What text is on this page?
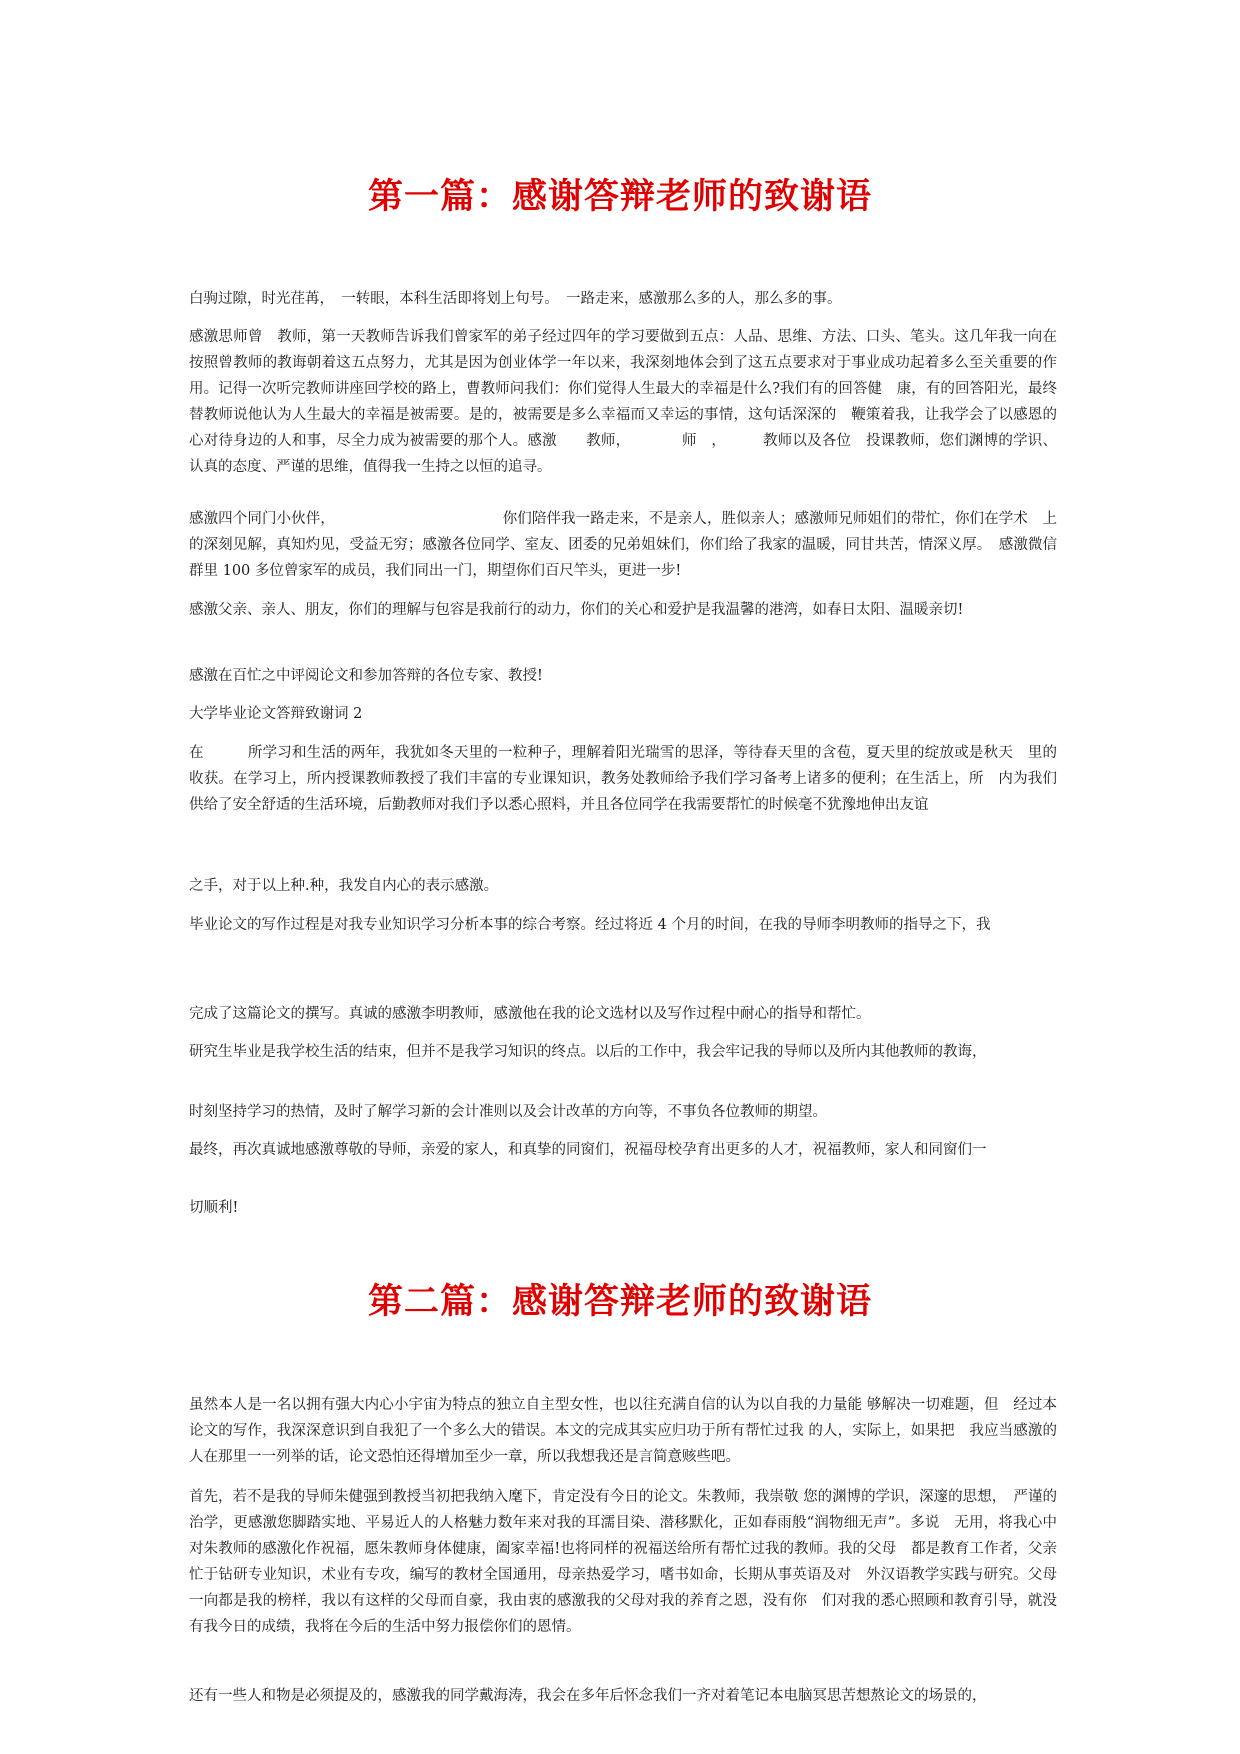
第一篇：感谢答辩老师的致谢语

白驹过隙，时光荏苒，　一转眼，本科生活即将划上句号。　一路走来，感激那么多的人，那么多的事。

感激思师曾　教师，第一天教师告诉我们曾家军的弟子经过四年的学习要做到五点：人品、思维、方法、口头、笔头。这几年我一向在按照曾教师的教诲朝着这五点努力，尤其是因为创业体学一年以来，我深刻地体会到了这五点要求对于事业成功起着多么至关重要的作用。记得一次听完教师讲座回学校的路上，曹教师问我们：你们觉得人生最大的幸福是什么?我们有的回答健　康，有的回答阳光，最终替教师说他认为人生最大的幸福是被需要。是的，被需要是多么幸福而又幸运的事情，这句话深深的　鞭策着我，让我学会了以感恩的心对待身边的人和事，尽全力成为被需要的那个人。感激　　教师，　　　　师　，　　　教师以及各位　投课教师，您们渊博的学识、认真的态度、严谨的思维，值得我一生持之以恒的追寻。

感激四个同门小伙伴，　　　　　　　　　　　　你们陪伴我一路走来，不是亲人，胜似亲人；感激师兄师姐们的带忙，你们在学术　上的深刻见解，真知灼见，受益无穷；感激各位同学、室友、团委的兄弟姐妹们，你们给了我家的温暖，同甘共苦，情深义厚。　感激微信群里 100 多位曾家军的成员，我们同出一门，期望你们百尺竿头，更进一步!

感激父亲、亲人、朋友，你们的理解与包容是我前行的动力，你们的关心和爱护是我温馨的港湾，如春日太阳、温暖亲切!

感激在百忙之中评阅论文和参加答辩的各位专家、教授!

大学毕业论文答辩致谢词 2

在　　　所学习和生活的两年，我犹如冬天里的一粒种子，理解着阳光瑞雪的思泽，等待春天里的含苞，夏天里的绽放或是秋天　里的收获。在学习上，所内授课教师教授了我们丰富的专业课知识，教务处教师给予我们学习备考上诸多的便利；在生活上，所　内为我们供给了安全舒适的生活环境，后勤教师对我们予以悉心照料，并且各位同学在我需要帮忙的时候毫不犹豫地伸出友谊

之手，对于以上种.种，我发自内心的表示感激。

毕业论文的写作过程是对我专业知识学习分析本事的综合考察。经过将近 4 个月的时间，在我的导师李明教师的指导之下，我

完成了这篇论文的撰写。真诚的感激李明教师，感激他在我的论文选材以及写作过程中耐心的指导和帮忙。

研究生毕业是我学校生活的结束，但并不是我学习知识的终点。以后的工作中，我会牢记我的导师以及所内其他教师的教诲，

时刻坚持学习的热情，及时了解学习新的会计准则以及会计改革的方向等，不事负各位教师的期望。

最终，再次真诚地感激尊敬的导师，亲爱的家人，和真挚的同窗们，祝福母校孕育出更多的人才，祝福教师，家人和同窗们一

切顺利!

第二篇：感谢答辩老师的致谢语

虽然本人是一名以拥有强大内心小宇宙为特点的独立自主型女性，也以往充满自信的认为以自我的力量能 够解决一切难题，但　经过本论文的写作，我深深意识到自我犯了一个多么大的错误。本文的完成其实应归功于所有帮忙过我 的人，实际上，如果把　我应当感激的人在那里一一列举的话，论文恐怕还得增加至少一章，所以我想我还是言简意赅些吧。

首先，若不是我的导师朱健强到教授当初把我纳入麾下，肯定没有今日的论文。朱教师，我崇敬 您的渊博的学识，深邃的思想，　严谨的治学，更感激您脚踏实地、平易近人的人格魅力数年来对我的耳濡目染、潜移默化，正如春雨般“润物细无声”。多说　无用，将我心中对朱教师的感激化作祝福，愿朱教师身体健康，阖家幸福!也将同样的祝福送给所有帮忙过我的教师。我的父母　都是教育工作者，父亲忙于钻研专业知识，术业有专攻，编写的教材全国通用，母亲热爱学习，嗜书如命，长期从事英语及对　外汉语教学实践与研究。父母一向都是我的榜样，我以有这样的父母而自豪，我由衷的感激我的父母对我的养育之恩，没有你　们对我的悉心照顾和教育引导，就没有我今日的成绩，我将在今后的生活中努力报偿你们的恩情。

还有一些人和物是必须提及的，感激我的同学戴海涛，我会在多年后怀念我们一齐对着笔记本电脑冥思苦想熬论文的场景的，
